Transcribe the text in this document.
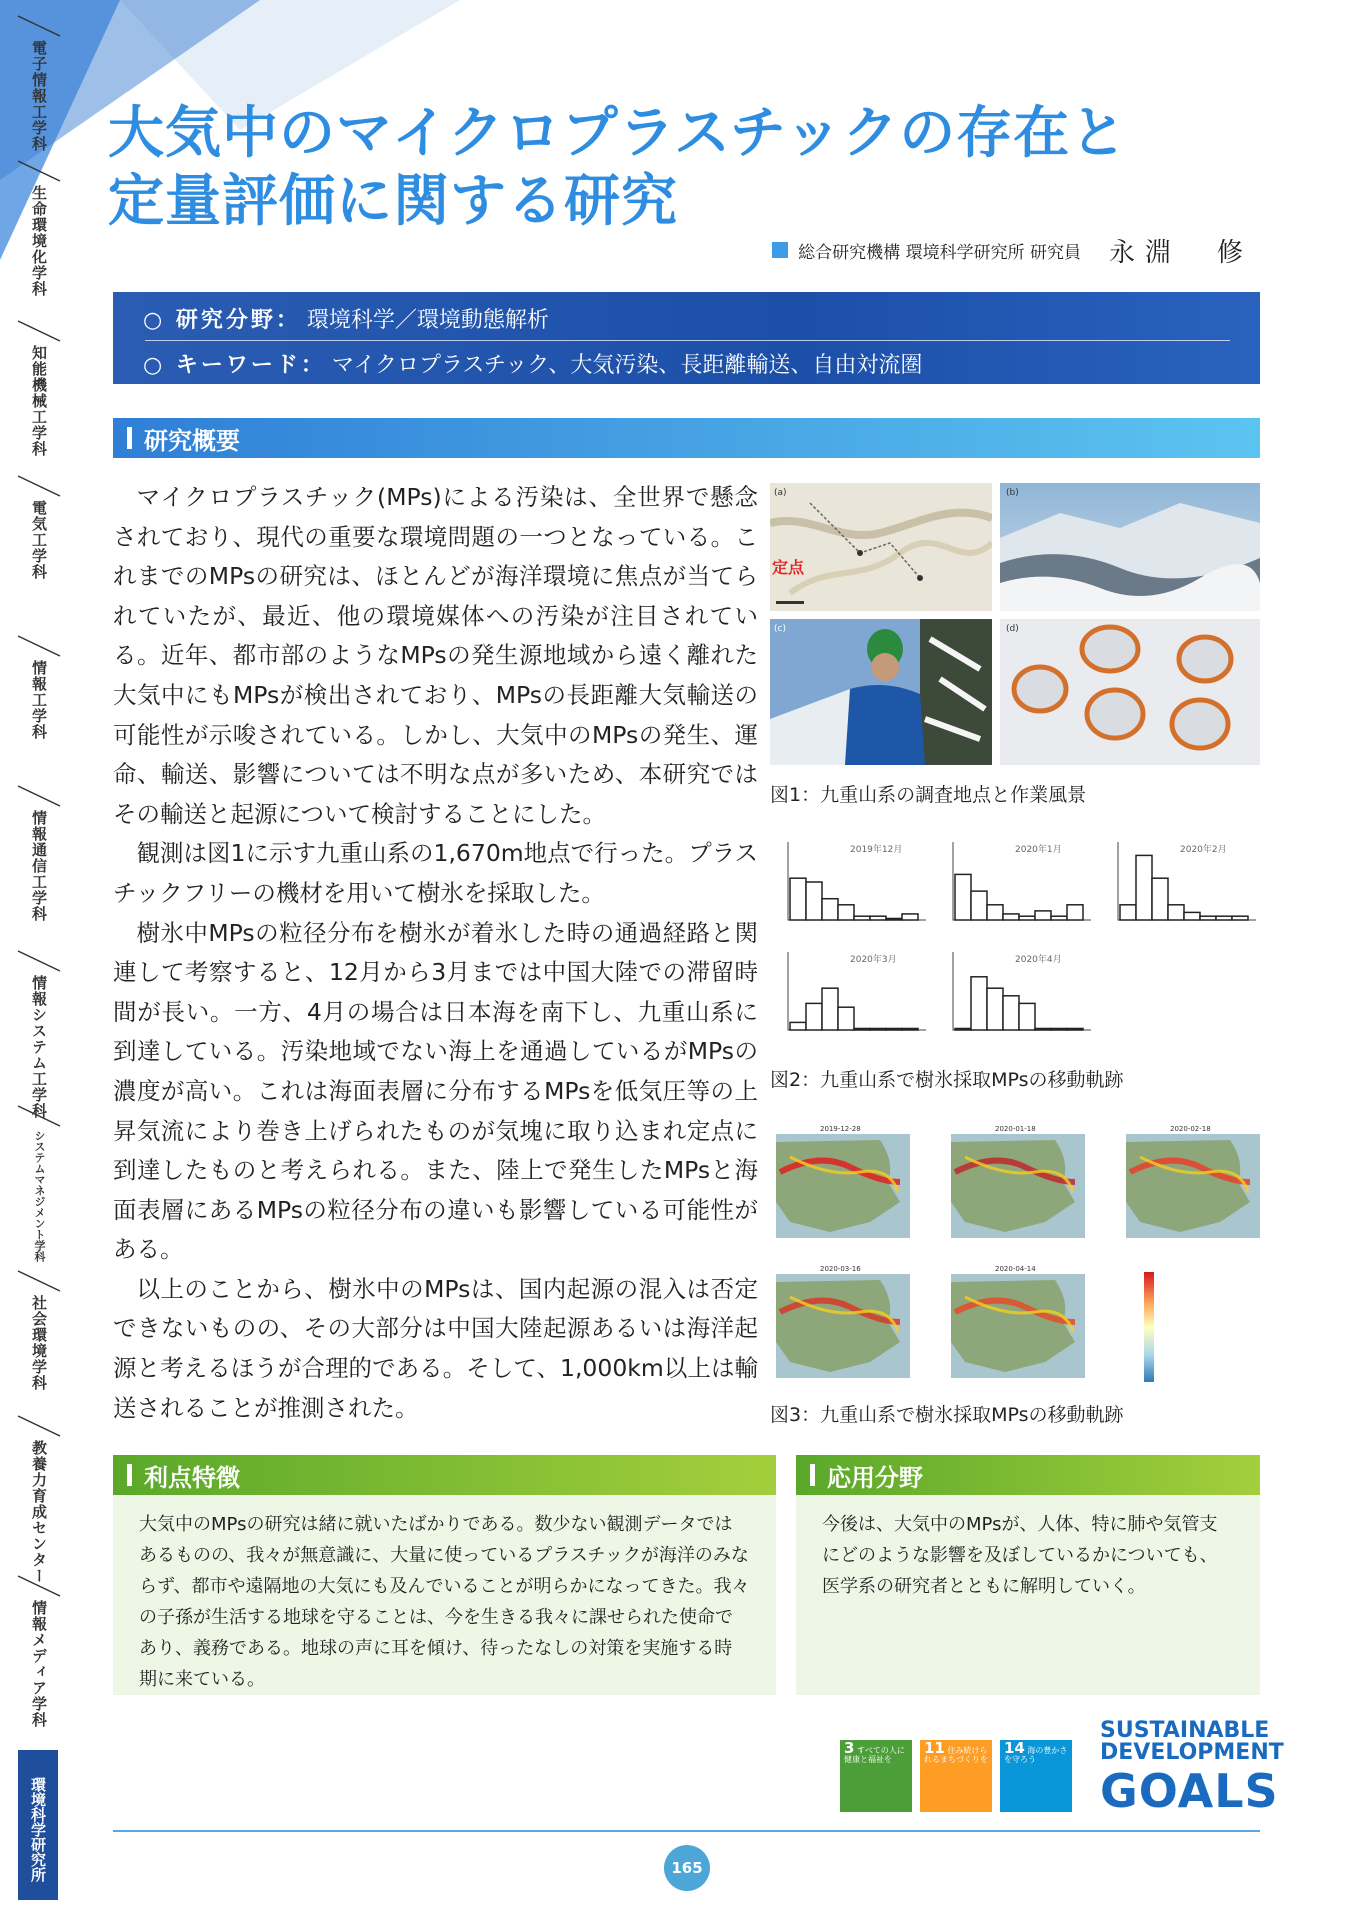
電子情報工学科
生命環境化学科
知能機械工学科
電気工学科
情報工学科
情報通信工学科
情報システム工学科
システムマネジメント学科
社会環境学科
教養力育成センター
情報メディア学科
環境科学研究所
大気中のマイクロプラスチックの存在と
定量評価に関する研究
総合研究機構 環境科学研究所 研究員 永淵　修
○ 研究分野： 環境科学／環境動態解析
○ キーワード： マイクロプラスチック、大気汚染、長距離輸送、自由対流圏
研究概要

マイクロプラスチック(MPs)による汚染は、全世界で懸念されており、現代の重要な環境問題の一つとなっている。これまでのMPsの研究は、ほとんどが海洋環境に焦点が当てられていたが、最近、他の環境媒体への汚染が注目されている。近年、都市部のようなMPsの発生源地域から遠く離れた大気中にもMPsが検出されており、MPsの長距離大気輸送の可能性が示唆されている。しかし、大気中のMPsの発生、運命、輸送、影響については不明な点が多いため、本研究ではその輸送と起源について検討することにした。

観測は図1に示す九重山系の1,670m地点で行った。プラスチックフリーの機材を用いて樹氷を採取した。

樹氷中MPsの粒径分布を樹氷が着氷した時の通過経路と関連して考察すると、12月から3月までは中国大陸での滞留時間が長い。一方、4月の場合は日本海を南下し、九重山系に到達している。汚染地域でない海上を通過しているがMPsの濃度が高い。これは海面表層に分布するMPsを低気圧等の上昇気流により巻き上げられたものが気塊に取り込まれ定点に到達したものと考えられる。また、陸上で発生したMPsと海面表層にあるMPsの粒径分布の違いも影響している可能性がある。

以上のことから、樹氷中のMPsは、国内起源の混入は否定できないものの、その大部分は中国大陸起源あるいは海洋起源と考えるほうが合理的である。そして、1,000km以上は輸送されることが推測された。

(a)
定点
(b)
(c)	(d)
図1：九重山系の調査地点と作業風景
2019年12月	2020年1月	2020年2月
2020年3月	2020年4月
図2：九重山系で樹氷採取MPsの移動軌跡
2019-12-28	2020-01-18	2020-02-18
2020-03-16	2020-04-14
図3：九重山系で樹氷採取MPsの移動軌跡
利点特徴	応用分野
大気中のMPsの研究は緒に就いたばかりである。数少ない観測データではあるものの、我々が無意識に、大量に使っているプラスチックが海洋のみならず、都市や遠隔地の大気にも及んでいることが明らかになってきた。我々の子孫が生活する地球を守ることは、今を生きる我々に課せられた使命であり、義務である。地球の声に耳を傾け、待ったなしの対策を実施する時期に来ている。
今後は、大気中のMPsが、人体、特に肺や気管支にどのような影響を及ぼしているかについても、医学系の研究者とともに解明していく。
3 すべての人に健康と福祉を
11 住み続けられるまちづくりを
14 海の豊かさを守ろう
SUSTAINABLE
DEVELOPMENT
GOALS
165
